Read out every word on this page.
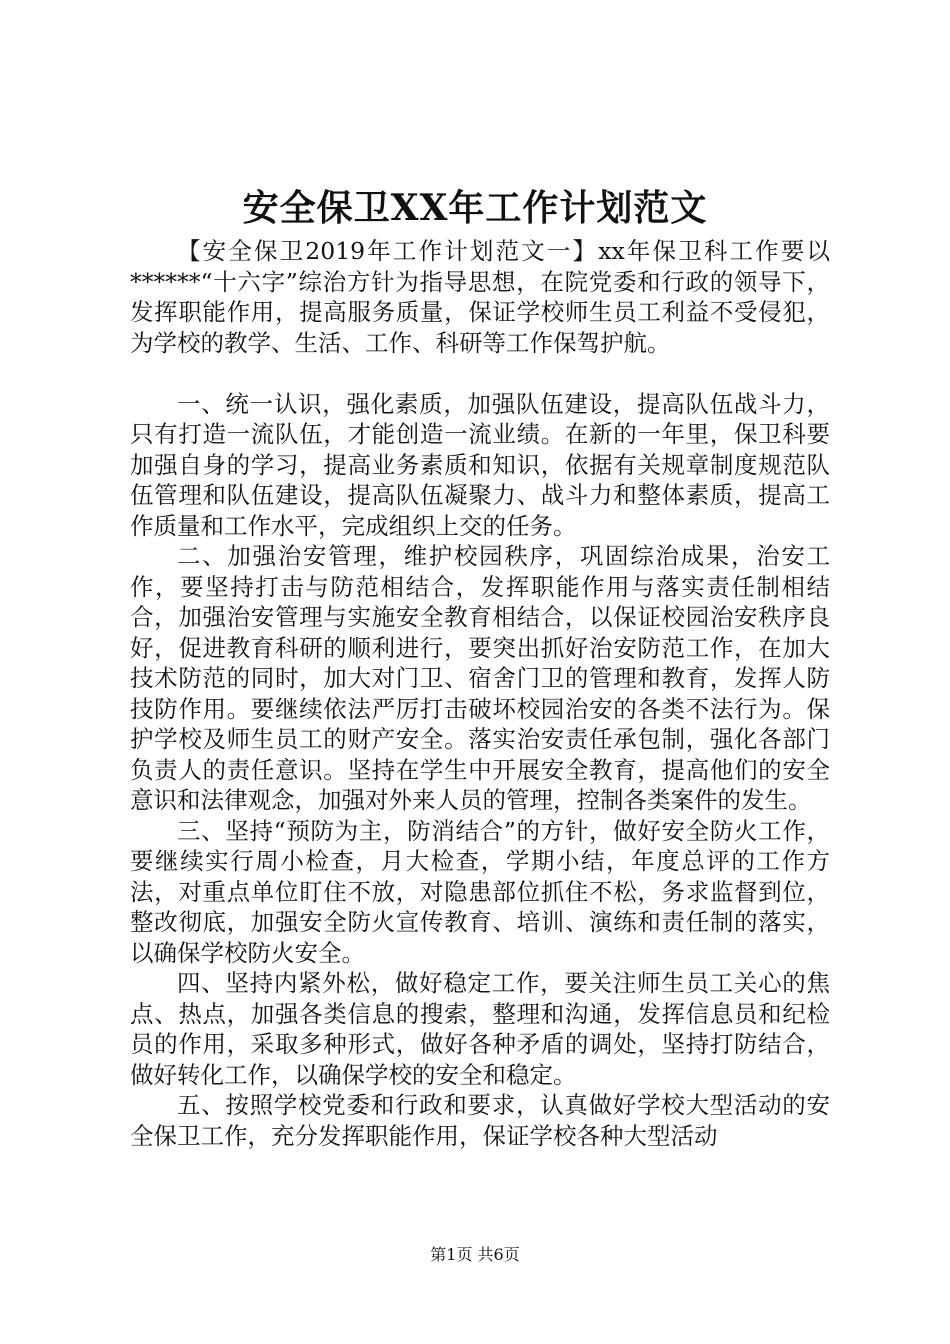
安全保卫XX年工作计划范文

【安全保卫2019年工作计划范文一】xx年保卫科工作要以******“十六字”综治方针为指导思想，在院党委和行政的领导下，发挥职能作用，提高服务质量，保证学校师生员工利益不受侵犯，为学校的教学、生活、工作、科研等工作保驾护航。

一、统一认识，强化素质，加强队伍建设，提高队伍战斗力，只有打造一流队伍，才能创造一流业绩。在新的一年里，保卫科要加强自身的学习，提高业务素质和知识，依据有关规章制度规范队伍管理和队伍建设，提高队伍凝聚力、战斗力和整体素质，提高工作质量和工作水平，完成组织上交的任务。

二、加强治安管理，维护校园秩序，巩固综治成果，治安工作，要坚持打击与防范相结合，发挥职能作用与落实责任制相结合，加强治安管理与实施安全教育相结合，以保证校园治安秩序良好，促进教育科研的顺利进行，要突出抓好治安防范工作，在加大技术防范的同时，加大对门卫、宿舍门卫的管理和教育，发挥人防技防作用。要继续依法严厉打击破坏校园治安的各类不法行为。保护学校及师生员工的财产安全。落实治安责任承包制，强化各部门负责人的责任意识。坚持在学生中开展安全教育，提高他们的安全意识和法律观念，加强对外来人员的管理，控制各类案件的发生。

三、坚持“预防为主，防消结合”的方针，做好安全防火工作，要继续实行周小检查，月大检查，学期小结，年度总评的工作方法，对重点单位盯住不放，对隐患部位抓住不松，务求监督到位，整改彻底，加强安全防火宣传教育、培训、演练和责任制的落实，以确保学校防火安全。

四、坚持内紧外松，做好稳定工作，要关注师生员工关心的焦点、热点，加强各类信息的搜索，整理和沟通，发挥信息员和纪检员的作用，采取多种形式，做好各种矛盾的调处，坚持打防结合，做好转化工作，以确保学校的安全和稳定。

五、按照学校党委和行政和要求，认真做好学校大型活动的安全保卫工作，充分发挥职能作用，保证学校各种大型活动

第1页 共6页
